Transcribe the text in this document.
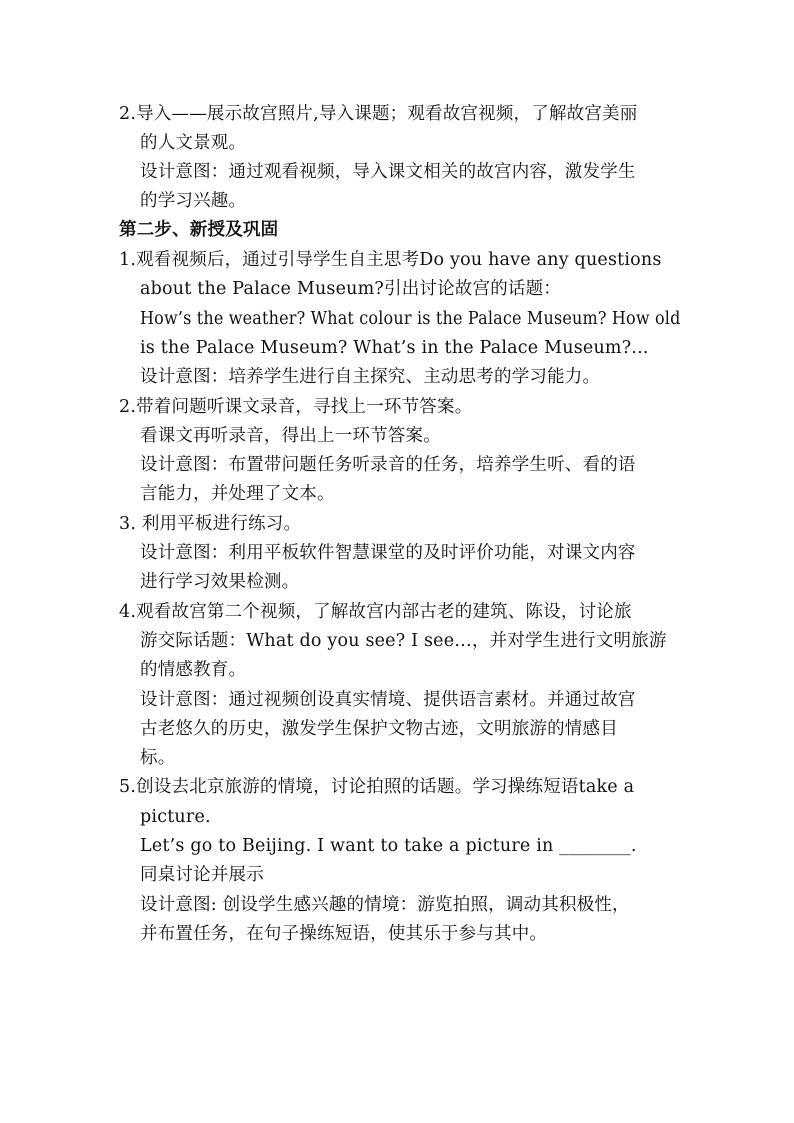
2.导入——展示故宫照片,导入课题；观看故宫视频，了解故宫美丽
的人文景观。
设计意图：通过观看视频，导入课文相关的故宫内容，激发学生
的学习兴趣。
第二步、新授及巩固
1.观看视频后，通过引导学生自主思考Do you have any questions
about the Palace Museum?引出讨论故宫的话题：
How’s the weather? What colour is the Palace Museum? How old
is the Palace Museum? What’s in the Palace Museum?...
设计意图：培养学生进行自主探究、主动思考的学习能力。
2.带着问题听课文录音，寻找上一环节答案。
看课文再听录音，得出上一环节答案。
设计意图：布置带问题任务听录音的任务，培养学生听、看的语
言能力，并处理了文本。
3. 利用平板进行练习。
设计意图：利用平板软件智慧课堂的及时评价功能，对课文内容
进行学习效果检测。
4.观看故宫第二个视频，了解故宫内部古老的建筑、陈设，讨论旅
游交际话题：What do you see? I see…，并对学生进行文明旅游
的情感教育。
设计意图：通过视频创设真实情境、提供语言素材。并通过故宫
古老悠久的历史，激发学生保护文物古迹，文明旅游的情感目
标。
5.创设去北京旅游的情境，讨论拍照的话题。学习操练短语take a
picture.
Let’s go to Beijing. I want to take a picture in ________.
同桌讨论并展示
设计意图: 创设学生感兴趣的情境：游览拍照，调动其积极性，
并布置任务，在句子操练短语，使其乐于参与其中。
